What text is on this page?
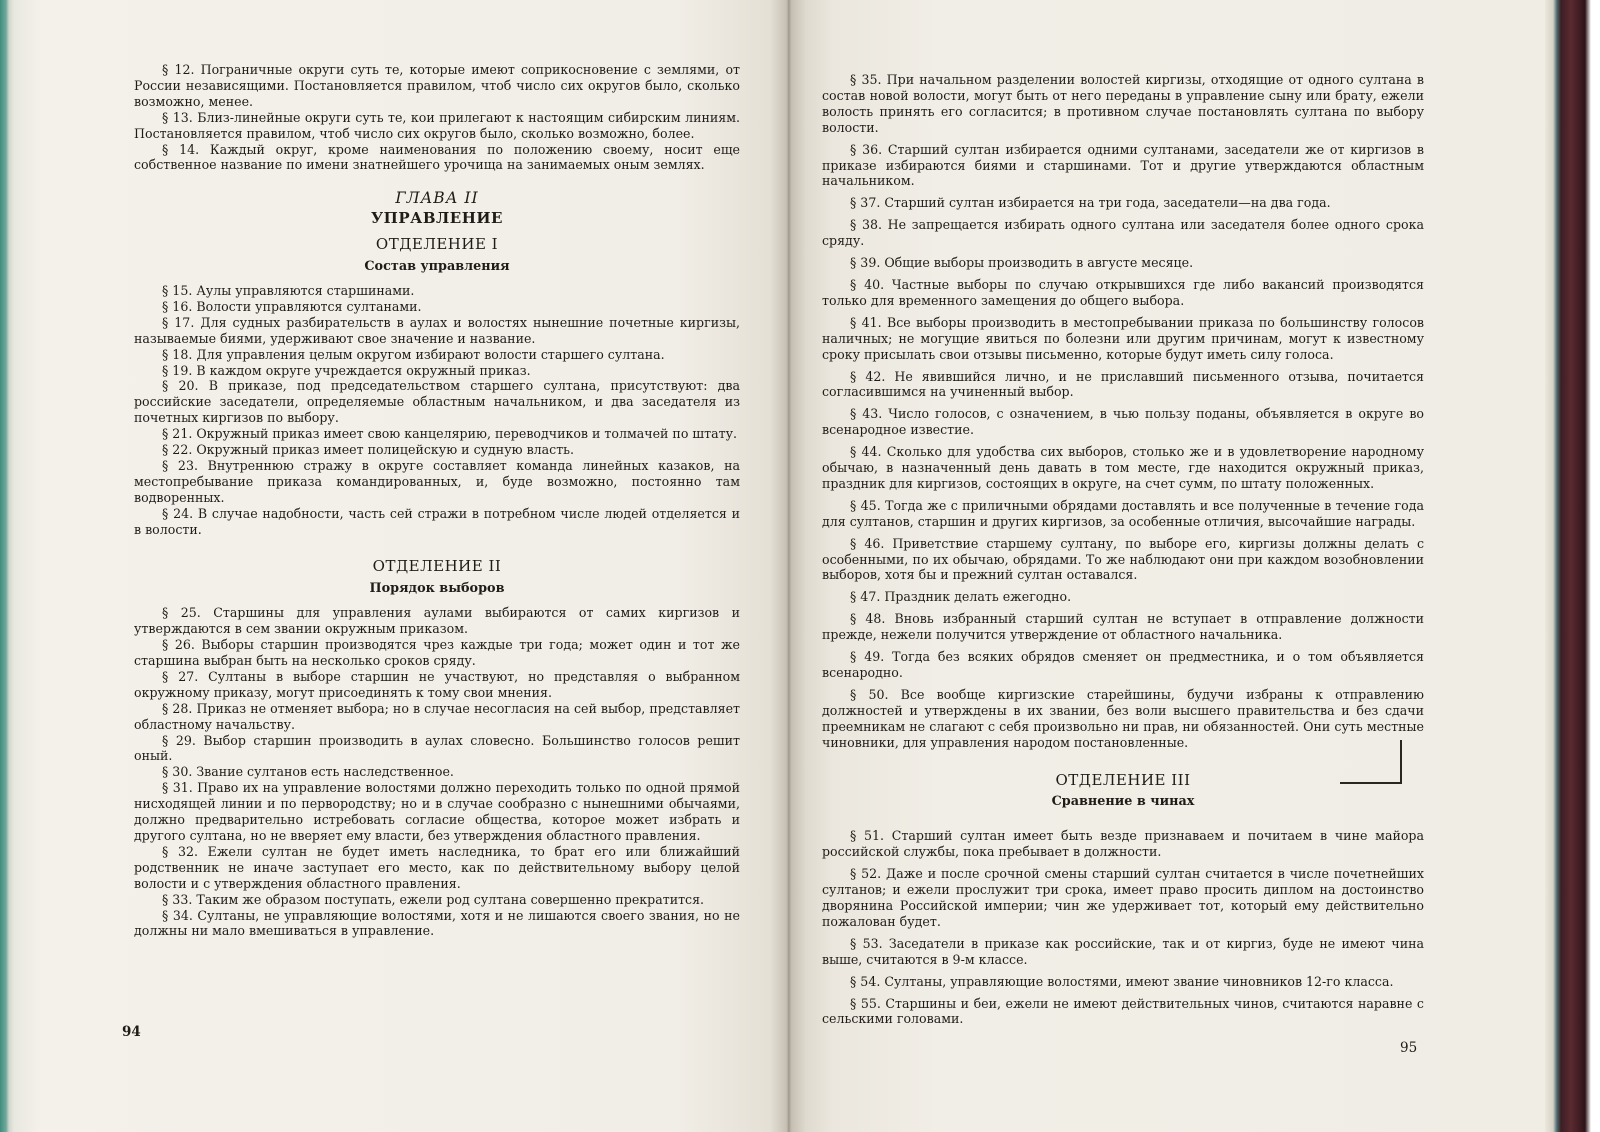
§ 12. Пограничные округи суть те, которые имеют соприкосновение с землями, от России независящими. Постановляется правилом, чтоб число сих округов было, сколько возможно, менее.

§ 13. Близ-линейные округи суть те, кои прилегают к настоящим сибирским линиям. Постановляется правилом, чтоб число сих округов было, сколько возможно, более.

§ 14. Каждый округ, кроме наименования по положению своему, носит еще собственное название по имени знатнейшего урочища на занимаемых оным землях.

ГЛАВА II
УПРАВЛЕНИЕ
ОТДЕЛЕНИЕ I
Состав управления

§ 15. Аулы управляются старшинами.

§ 16. Волости управляются султанами.

§ 17. Для судных разбирательств в аулах и волостях нынешние почетные киргизы, называемые биями, удерживают свое значение и название.

§ 18. Для управления целым округом избирают волости старшего султана.

§ 19. В каждом округе учреждается окружный приказ.

§ 20. В приказе, под председательством старшего султана, присутствуют: два российские заседатели, определяемые областным начальником, и два заседателя из почетных киргизов по выбору.

§ 21. Окружный приказ имеет свою канцелярию, переводчиков и толмачей по штату.

§ 22. Окружный приказ имеет полицейскую и судную власть.

§ 23. Внутреннюю стражу в округе составляет команда линейных казаков, на местопребывание приказа командированных, и, буде возможно, постоянно там водворенных.

§ 24. В случае надобности, часть сей стражи в потребном числе людей отделяется и в волости.

ОТДЕЛЕНИЕ II
Порядок выборов

§ 25. Старшины для управления аулами выбираются от самих киргизов и утверждаются в сем звании окружным приказом.

§ 26. Выборы старшин производятся чрез каждые три года; может один и тот же старшина выбран быть на несколько сроков сряду.

§ 27. Султаны в выборе старшин не участвуют, но представляя о выбранном окружному приказу, могут присоединять к тому свои мнения.

§ 28. Приказ не отменяет выбора; но в случае несогласия на сей выбор, представляет областному начальству.

§ 29. Выбор старшин производить в аулах словесно. Большинство голосов решит оный.

§ 30. Звание султанов есть наследственное.

§ 31. Право их на управление волостями должно переходить только по одной прямой нисходящей линии и по первородству; но и в случае сообразно с нынешними обычаями, должно предварительно истребовать согласие общества, которое может избрать и другого султана, но не вверяет ему власти, без утверждения областного правления.

§ 32. Ежели султан не будет иметь наследника, то брат его или ближайший родственник не иначе заступает его место, как по действительному выбору целой волости и с утверждения областного правления.

§ 33. Таким же образом поступать, ежели род султана совершенно прекратится.

§ 34. Султаны, не управляющие волостями, хотя и не лишаются своего звания, но не должны ни мало вмешиваться в управление.

94

§ 35. При начальном разделении волостей киргизы, отходящие от одного султана в состав новой волости, могут быть от него переданы в управление сыну или брату, ежели волость принять его согласится; в противном случае постановлять султана по выбору волости.

§ 36. Старший султан избирается одними султанами, заседатели же от киргизов в приказе избираются биями и старшинами. Тот и другие утверждаются областным начальником.

§ 37. Старший султан избирается на три года, заседатели—на два года.

§ 38. Не запрещается избирать одного султана или заседателя более одного срока сряду.

§ 39. Общие выборы производить в августе месяце.

§ 40. Частные выборы по случаю открывшихся где либо вакансий производятся только для временного замещения до общего выбора.

§ 41. Все выборы производить в местопребывании приказа по большинству голосов наличных; не могущие явиться по болезни или другим причинам, могут к известному сроку присылать свои отзывы письменно, которые будут иметь силу голоса.

§ 42. Не явившийся лично, и не приславший письменного отзыва, почитается согласившимся на учиненный выбор.

§ 43. Число голосов, с означением, в чью пользу поданы, объявляется в округе во всенародное известие.

§ 44. Сколько для удобства сих выборов, столько же и в удовлетворение народному обычаю, в назначенный день давать в том месте, где находится окружный приказ, праздник для киргизов, состоящих в округе, на счет сумм, по штату положенных.

§ 45. Тогда же с приличными обрядами доставлять и все полученные в течение года для султанов, старшин и других киргизов, за особенные отличия, высочайшие награды.

§ 46. Приветствие старшему султану, по выборе его, киргизы должны делать с особенными, по их обычаю, обрядами. То же наблюдают они при каждом возобновлении выборов, хотя бы и прежний султан оставался.

§ 47. Праздник делать ежегодно.

§ 48. Вновь избранный старший султан не вступает в отправление должности прежде, нежели получится утверждение от областного начальника.

§ 49. Тогда без всяких обрядов сменяет он предместника, и о том объявляется всенародно.

§ 50. Все вообще киргизские старейшины, будучи избраны к отправлению должностей и утверждены в их звании, без воли высшего правительства и без сдачи преемникам не слагают с себя произвольно ни прав, ни обязанностей. Они суть местные чиновники, для управления народом постановленные.

ОТДЕЛЕНИЕ III
Сравнение в чинах

§ 51. Старший султан имеет быть везде признаваем и почитаем в чине майора российской службы, пока пребывает в должности.

§ 52. Даже и после срочной смены старший султан считается в числе почетнейших султанов; и ежели прослужит три срока, имеет право просить диплом на достоинство дворянина Российской империи; чин же удерживает тот, который ему действительно пожалован будет.

§ 53. Заседатели в приказе как российские, так и от киргиз, буде не имеют чина выше, считаются в 9-м классе.

§ 54. Султаны, управляющие волостями, имеют звание чиновников 12-го класса.

§ 55. Старшины и беи, ежели не имеют действительных чинов, считаются наравне с сельскими головами.

95
